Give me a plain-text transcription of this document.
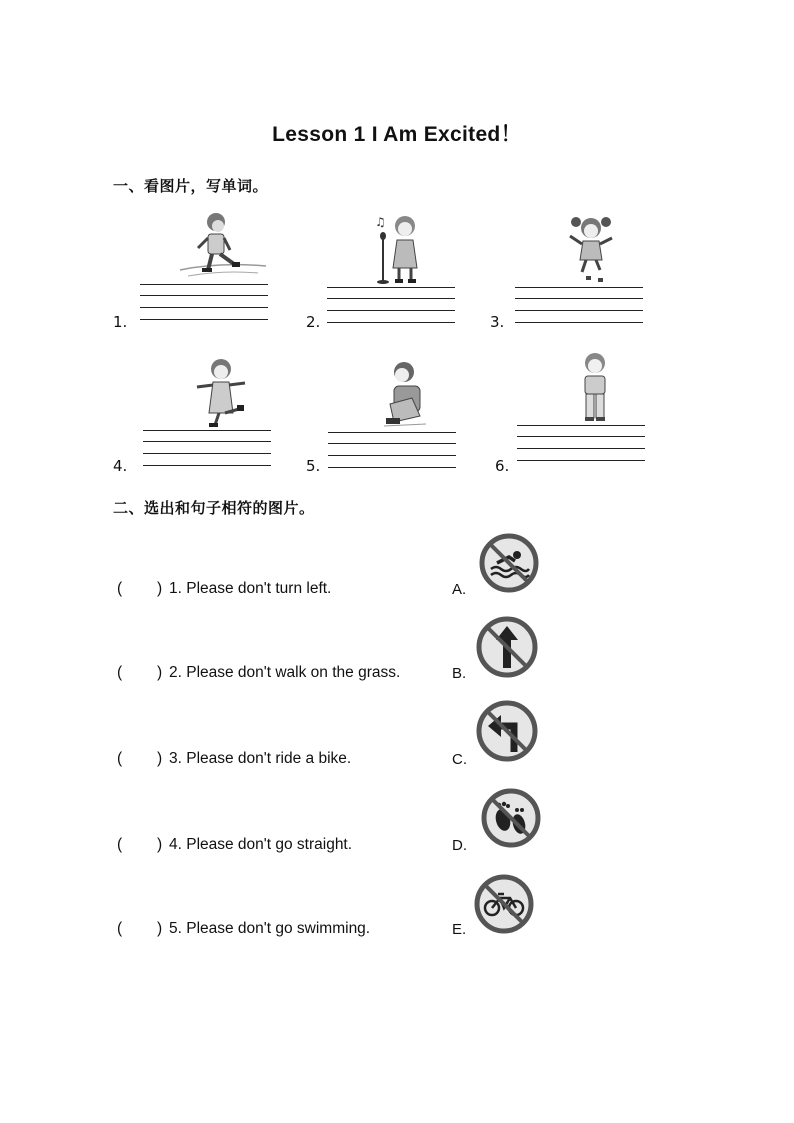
Lesson 1 I Am Excited！
一、看图片，写单词。
♫
1.	2.	3.
4.	5.	6.
二、选出和句子相符的图片。
( ) 1. Please don't turn left.	A.
( ) 2. Please don't walk on the grass.	B.
( ) 3. Please don't ride a bike.	C.
( ) 4. Please don't go straight.	D.
( ) 5. Please don't go swimming.	E.
